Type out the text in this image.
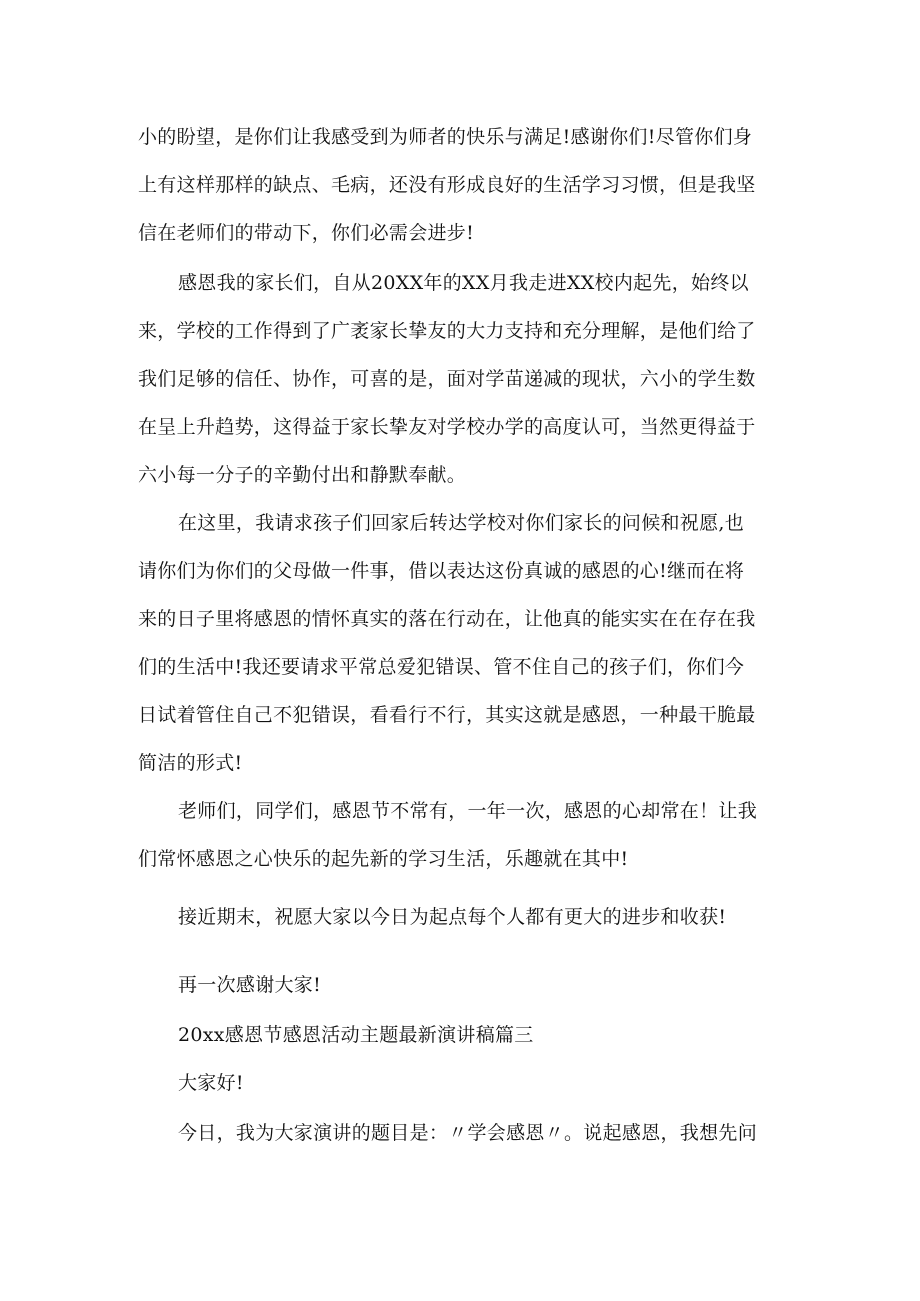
小的盼望，是你们让我感受到为师者的快乐与满足!感谢你们!尽管你们身
上有这样那样的缺点、毛病，还没有形成良好的生活学习习惯，但是我坚
信在老师们的带动下，你们必需会进步!
感恩我的家长们，自从20XX年的XX月我走进XX校内起先，始终以
来，学校的工作得到了广袤家长挚友的大力支持和充分理解，是他们给了
我们足够的信任、协作，可喜的是，面对学苗递减的现状，六小的学生数
在呈上升趋势，这得益于家长挚友对学校办学的高度认可，当然更得益于
六小每一分子的辛勤付出和静默奉献。
在这里，我请求孩子们回家后转达学校对你们家长的问候和祝愿,也
请你们为你们的父母做一件事，借以表达这份真诚的感恩的心!继而在将
来的日子里将感恩的情怀真实的落在行动在，让他真的能实实在在存在我
们的生活中!我还要请求平常总爱犯错误、管不住自己的孩子们，你们今
日试着管住自己不犯错误，看看行不行，其实这就是感恩，一种最干脆最
简洁的形式!
老师们，同学们，感恩节不常有，一年一次，感恩的心却常在！让我
们常怀感恩之心快乐的起先新的学习生活，乐趣就在其中!
接近期末，祝愿大家以今日为起点每个人都有更大的进步和收获!
再一次感谢大家!
20xx感恩节感恩活动主题最新演讲稿篇三
大家好!
今日，我为大家演讲的题目是：〃学会感恩〃。说起感恩，我想先问
